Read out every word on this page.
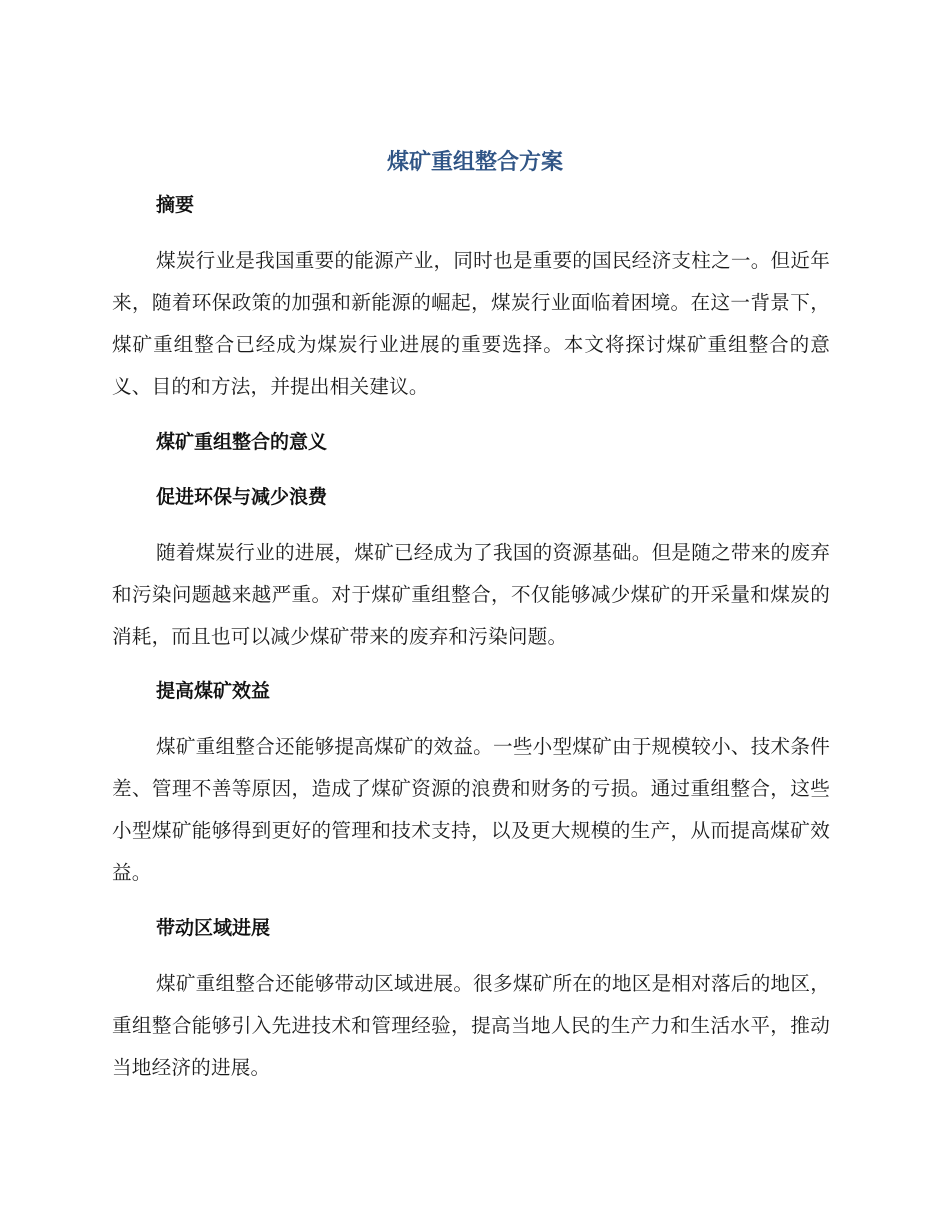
煤矿重组整合方案
摘要

煤炭行业是我国重要的能源产业，同时也是重要的国民经济支柱之一。但近年来，随着环保政策的加强和新能源的崛起，煤炭行业面临着困境。在这一背景下，煤矿重组整合已经成为煤炭行业进展的重要选择。本文将探讨煤矿重组整合的意义、目的和方法，并提出相关建议。

煤矿重组整合的意义
促进环保与减少浪费

随着煤炭行业的进展，煤矿已经成为了我国的资源基础。但是随之带来的废弃和污染问题越来越严重。对于煤矿重组整合，不仅能够减少煤矿的开采量和煤炭的消耗，而且也可以减少煤矿带来的废弃和污染问题。

提高煤矿效益

煤矿重组整合还能够提高煤矿的效益。一些小型煤矿由于规模较小、技术条件差、管理不善等原因，造成了煤矿资源的浪费和财务的亏损。通过重组整合，这些小型煤矿能够得到更好的管理和技术支持，以及更大规模的生产，从而提高煤矿效益。

带动区域进展

煤矿重组整合还能够带动区域进展。很多煤矿所在的地区是相对落后的地区，重组整合能够引入先进技术和管理经验，提高当地人民的生产力和生活水平，推动当地经济的进展。
